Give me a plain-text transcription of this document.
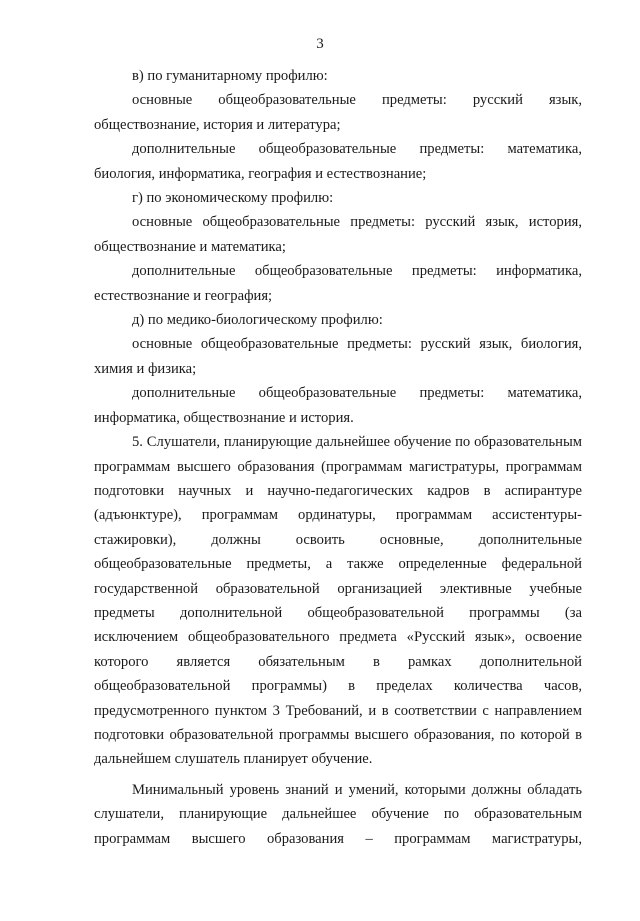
3

в) по гуманитарному профилю:

основные общеобразовательные предметы: русский язык, обществознание, история и литература;

дополнительные общеобразовательные предметы: математика, биология, информатика, география и естествознание;

г) по экономическому профилю:

основные общеобразовательные предметы: русский язык, история, обществознание и математика;

дополнительные общеобразовательные предметы: информатика, естествознание и география;

д) по медико-биологическому профилю:

основные общеобразовательные предметы: русский язык, биология, химия и физика;

дополнительные общеобразовательные предметы: математика, информатика, обществознание и история.

5. Слушатели, планирующие дальнейшее обучение по образовательным программам высшего образования (программам магистратуры, программам подготовки научных и научно-педагогических кадров в аспирантуре (адъюнктуре), программам ординатуры, программам ассистентуры-стажировки), должны освоить основные, дополнительные общеобразовательные предметы, а также определенные федеральной государственной образовательной организацией элективные учебные предметы дополнительной общеобразовательной программы (за исключением общеобразовательного предмета «Русский язык», освоение которого является обязательным в рамках дополнительной общеобразовательной программы) в пределах количества часов, предусмотренного пунктом 3 Требований, и в соответствии с направлением подготовки образовательной программы высшего образования, по которой в дальнейшем слушатель планирует обучение.

Минимальный уровень знаний и умений, которыми должны обладать слушатели, планирующие дальнейшее обучение по образовательным программам высшего образования – программам магистратуры,
